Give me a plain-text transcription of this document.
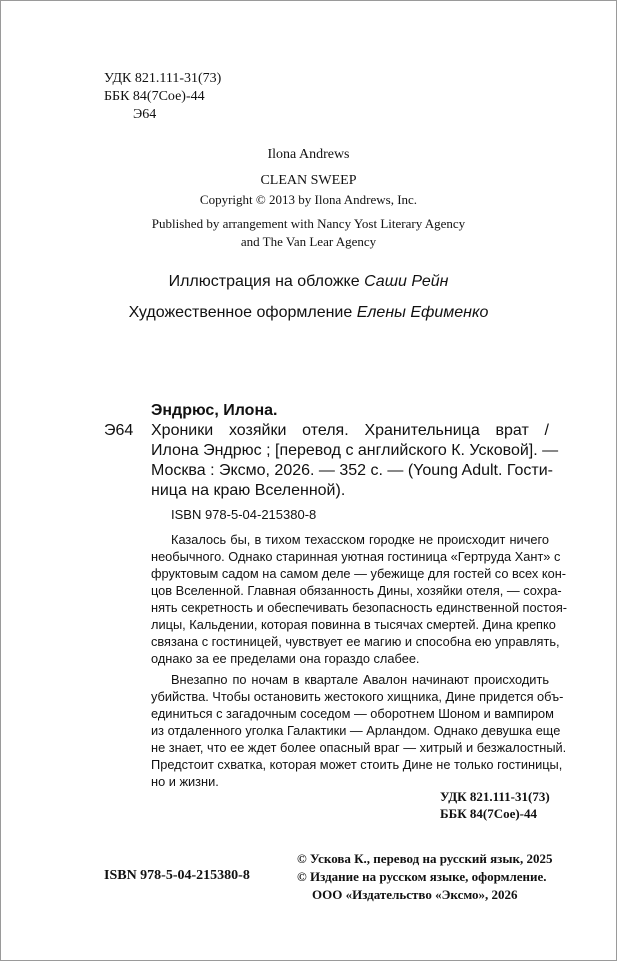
УДК 821.111-31(73)
ББК 84(7Сое)-44
Э64
Ilona Andrews
CLEAN SWEEP
Copyright © 2013 by Ilona Andrews, Inc.
Published by arrangement with Nancy Yost Literary Agency
and The Van Lear Agency
Иллюстрация на обложке Саши Рейн
Художественное оформление Елены Ефименко
Эндрюс, Илона.
Э64 Хроники хозяйки отеля. Хранительница врат /
Илона Эндрюс ; [перевод с английского К. Усковой]. —
Москва : Эксмо, 2026. — 352 с. — (Young Adult. Гости-
ница на краю Вселенной).
ISBN 978-5-04-215380-8
Казалось бы, в тихом техасском городке не происходит ничего
необычного. Однако старинная уютная гостиница «Гертруда Хант» с
фруктовым садом на самом деле — убежище для гостей со всех кон-
цов Вселенной. Главная обязанность Дины, хозяйки отеля, — сохра-
нять секретность и обеспечивать безопасность единственной постоя-
лицы, Кальдении, которая повинна в тысячах смертей. Дина крепко
связана с гостиницей, чувствует ее магию и способна ею управлять,
однако за ее пределами она гораздо слабее.
Внезапно по ночам в квартале Авалон начинают происходить
убийства. Чтобы остановить жестокого хищника, Дине придется объ-
единиться с загадочным соседом — оборотнем Шоном и вампиром
из отдаленного уголка Галактики — Арландом. Однако девушка еще
не знает, что ее ждет более опасный враг — хитрый и безжалостный.
Предстоит схватка, которая может стоить Дине не только гостиницы,
но и жизни.
УДК 821.111-31(73)
ББК 84(7Сое)-44
© Ускова К., перевод на русский язык, 2025
© Издание на русском языке, оформление.
ООО «Издательство «Эксмо», 2026
ISBN 978-5-04-215380-8
